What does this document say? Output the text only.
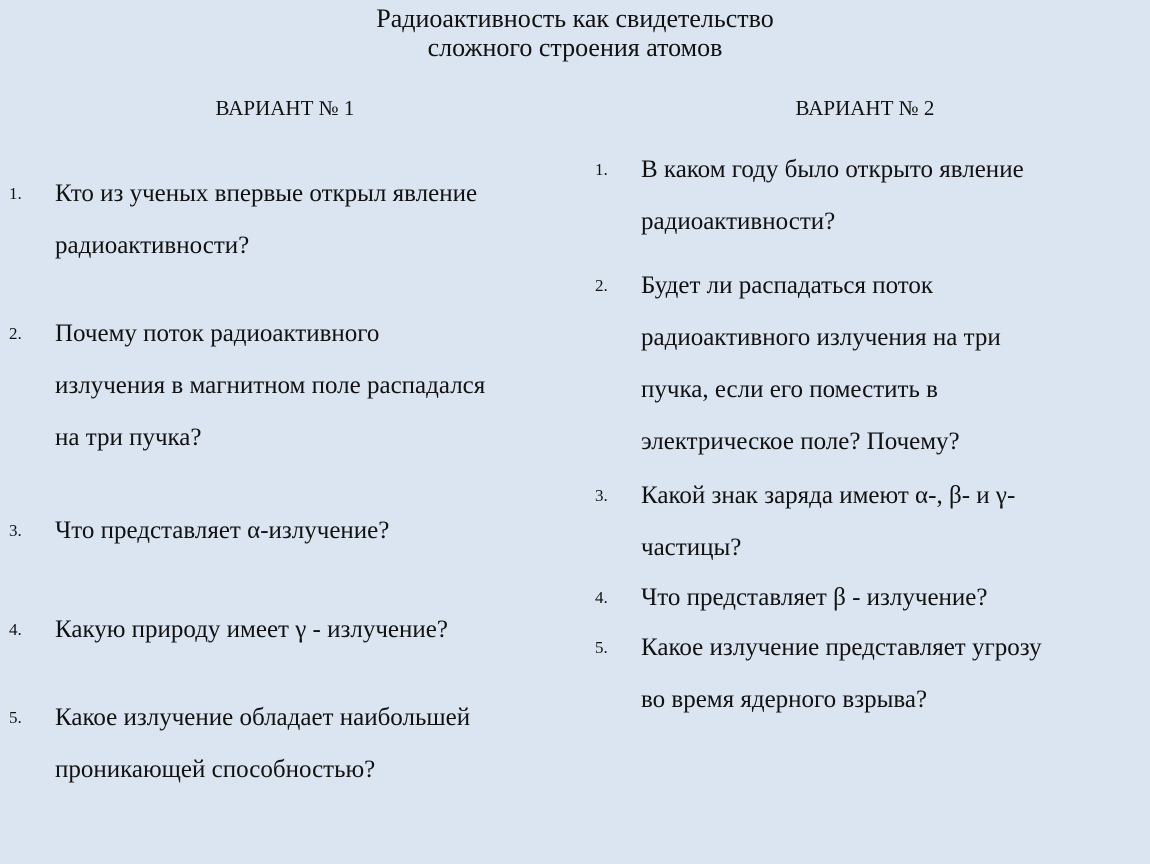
Радиоактивность как свидетельство
сложного строения атомов
ВАРИАНТ № 1	ВАРИАНТ № 2
1. Кто из ученых впервые открыл явление
радиоактивности?
2. Почему поток радиоактивного
излучения в магнитном поле распадался
на три пучка?
3. Что представляет α-излучение?
4. Какую природу имеет γ - излучение?
5. Какое излучение обладает наибольшей
проникающей способностью?
1. В каком году было открыто явление
радиоактивности?
2. Будет ли распадаться поток
радиоактивного излучения на три
пучка, если его поместить в
электрическое поле? Почему?
3. Какой знак заряда имеют α-, β- и γ-
частицы?
4. Что представляет β - излучение?
5. Какое излучение представляет угрозу
во время ядерного взрыва?
